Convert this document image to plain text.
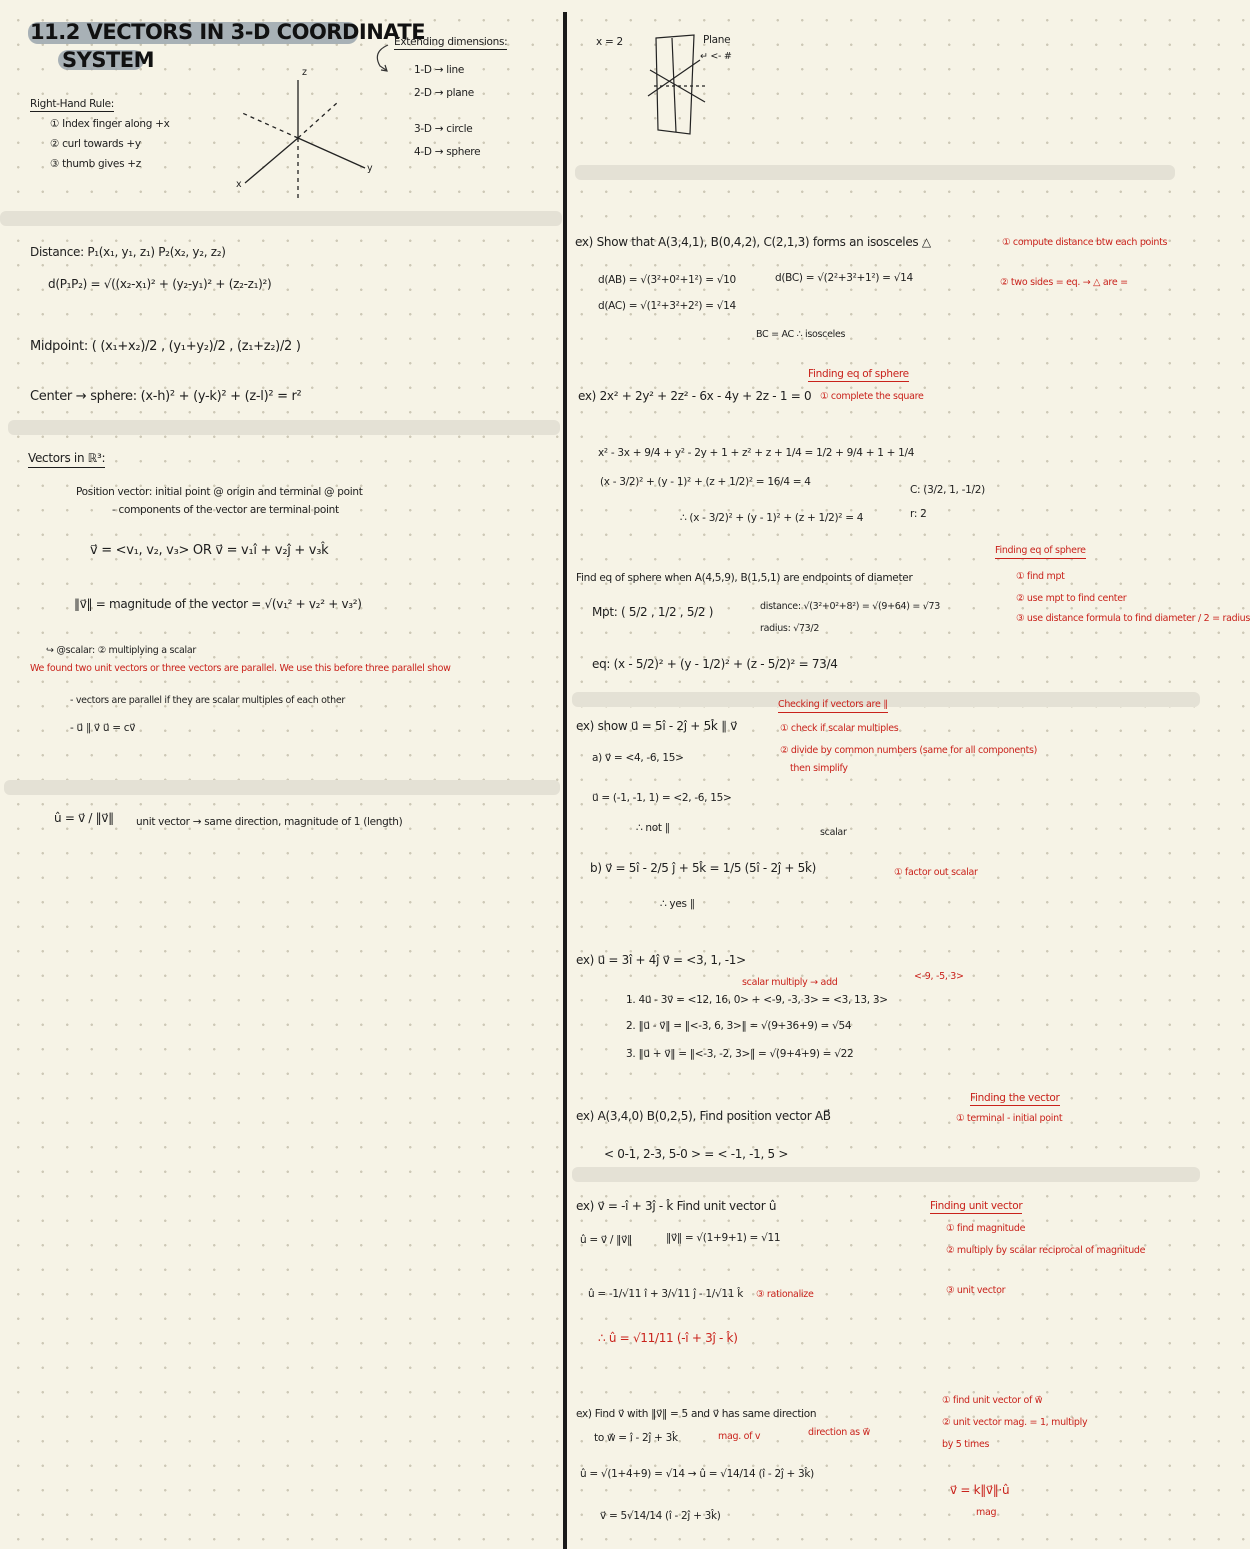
11.2 VECTORS IN 3-D COORDINATE
SYSTEM
Right-Hand Rule:
① Index finger along +x
② curl towards +y
③ thumb gives +z
z
y
x
Extending dimensions:
1-D → line
2-D → plane
3-D → circle
4-D → sphere
Distance: P₁(x₁, y₁, z₁) P₂(x₂, y₂, z₂)
d(P₁P₂) = √((x₂-x₁)² + (y₂-y₁)² + (z₂-z₁)²)
Midpoint: ( (x₁+x₂)/2 , (y₁+y₂)/2 , (z₁+z₂)/2 )
Center → sphere: (x-h)² + (y-k)² + (z-l)² = r²
Vectors in ℝ³:
Position vector: initial point @ origin and terminal @ point
- components of the vector are terminal point
v⃗ = <v₁, v₂, v₃> OR v⃗ = v₁î + v₂ĵ + v₃k̂
‖v⃗‖ = magnitude of the vector = √(v₁² + v₂² + v₃²)
↪ @scalar: ② multiplying a scalar
We found two unit vectors or three vectors are parallel. We use this before three parallel show
- vectors are parallel if they are scalar multiples of each other
- u⃗ ∥ v⃗ u⃗ = cv⃗
û = v⃗ / ‖v⃗‖ unit vector → same direction, magnitude of 1 (length)
x = 2	Plane
↵ <- #
ex) Show that A(3,4,1), B(0,4,2), C(2,1,3) forms an isosceles △
d(AB) = √(3²+0²+1²) = √10	d(BC) = √(2²+3²+1²) = √14
d(AC) = √(1²+3²+2²) = √14
BC = AC ∴ isosceles
① compute distance btw each points
② two sides = eq. → △ are =
Finding eq of sphere
① complete the square
ex) 2x² + 2y² + 2z² - 6x - 4y + 2z - 1 = 0
x² - 3x + 9/4 + y² - 2y + 1 + z² + z + 1/4 = 1/2 + 9/4 + 1 + 1/4
(x - 3/2)² + (y - 1)² + (z + 1/2)² = 16/4 = 4
∴ (x - 3/2)² + (y - 1)² + (z + 1/2)² = 4
C: (3/2, 1, -1/2)
r: 2
Finding eq of sphere
① find mpt
② use mpt to find center
③ use distance formula to find diameter / 2 = radius
Find eq of sphere when A(4,5,9), B(1,5,1) are endpoints of diameter
Mpt: ( 5/2 , 1/2 , 5/2 )	distance: √(3²+0²+8²) = √(9+64) = √73
radius: √73/2
eq: (x - 5/2)² + (y - 1/2)² + (z - 5/2)² = 73/4
Checking if vectors are ∥
① check if scalar multiples
② divide by common numbers (same for all components)
then simplify
ex) show u⃗ = 5î - 2ĵ + 5k̂ ∥ v⃗
a) v⃗ = <4, -6, 15>
u⃗ = (-1, -1, 1) = <2, -6, 15>
∴ not ∥	scalar
b) v⃗ = 5î - 2/5 ĵ + 5k̂ = 1/5 (5î - 2ĵ + 5k̂)	① factor out scalar
∴ yes ∥
ex) u⃗ = 3î + 4ĵ v⃗ = <3, 1, -1>
scalar multiply → add
<-9, -5, 3>
1. 4u⃗ - 3v⃗ = <12, 16, 0> + <-9, -3, 3> = <3, 13, 3>
2. ‖u⃗ - v⃗‖ = ‖<-3, 6, 3>‖ = √(9+36+9) = √54
3. ‖u⃗ + v⃗‖ = ‖<-3, -2, 3>‖ = √(9+4+9) = √22
Finding the vector
① terminal - initial point
ex) A(3,4,0) B(0,2,5), Find position vector AB⃗
< 0-1, 2-3, 5-0 > = < -1, -1, 5 >
Finding unit vector
① find magnitude
② multiply by scalar reciprocal of magnitude
③ unit vector
ex) v⃗ = -î + 3ĵ - k̂ Find unit vector û
û = v⃗ / ‖v⃗‖	‖v⃗‖ = √(1+9+1) = √11
û = -1/√11 î + 3/√11 ĵ - 1/√11 k̂ ③ rationalize
∴ û = √11/11 (-î + 3ĵ - k̂)
ex) Find v⃗ with ‖v⃗‖ = 5 and v⃗ has same direction
to w⃗ = î - 2ĵ + 3k̂	mag. of v	direction as w⃗
û = √(1+4+9) = √14 → û = √14/14 (î - 2ĵ + 3k̂)
v⃗ = 5√14/14 (î - 2ĵ + 3k̂)
① find unit vector of w⃗
② unit vector mag. = 1, multiply
by 5 times
v⃗ = k‖v⃗‖·û
mag
